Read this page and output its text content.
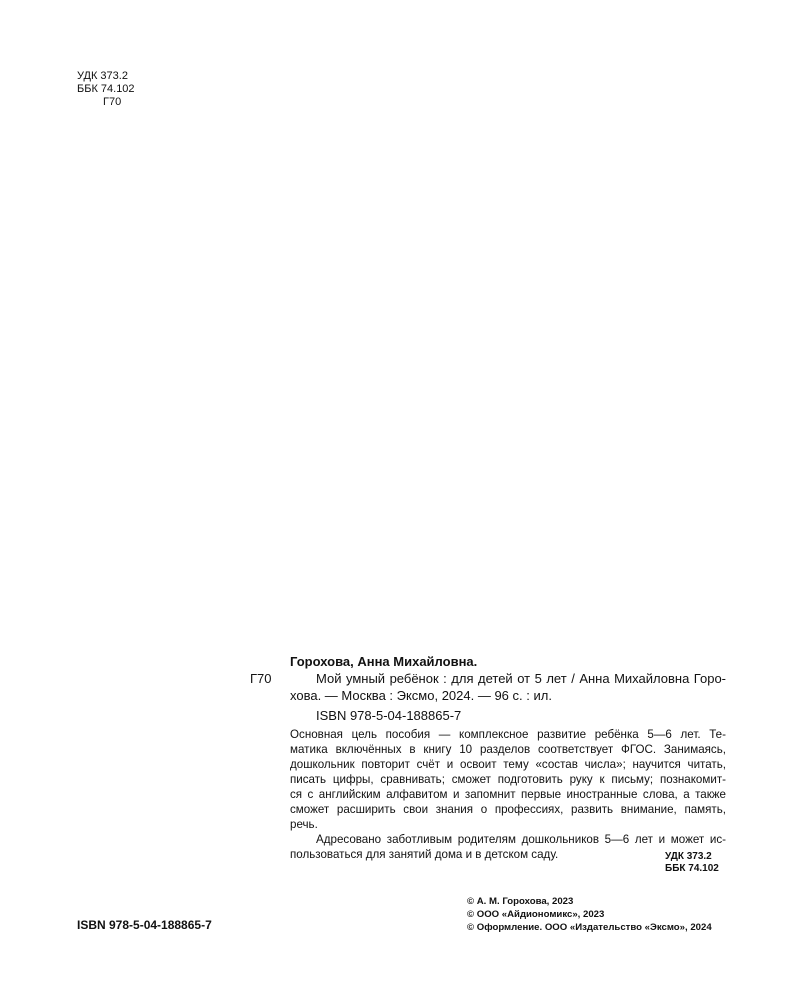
УДК 373.2
ББК 74.102
Г70
Горохова, Анна Михайловна.
Г70	Мой умный ребёнок : для детей от 5 лет / Анна Михайловна Горо-
хова. — Москва : Эксмо, 2024. — 96 с. : ил.
ISBN 978-5-04-188865-7
Основная цель пособия — комплексное развитие ребёнка 5—6 лет. Те-
матика включённых в книгу 10 разделов соответствует ФГОС. Занимаясь,
дошкольник повторит счёт и освоит тему «состав числа»; научится читать,
писать цифры, сравнивать; сможет подготовить руку к письму; познакомит-
ся с английским алфавитом и запомнит первые иностранные слова, а также
сможет расширить свои знания о профессиях, развить внимание, память,
речь.
Адресовано заботливым родителям дошкольников 5—6 лет и может ис-
пользоваться для занятий дома и в детском саду.	УДК 373.2
ББК 74.102
© А. М. Горохова, 2023
© ООО «Айдиономикс», 2023
© Оформление. ООО «Издательство «Эксмо», 2024
ISBN 978-5-04-188865-7
